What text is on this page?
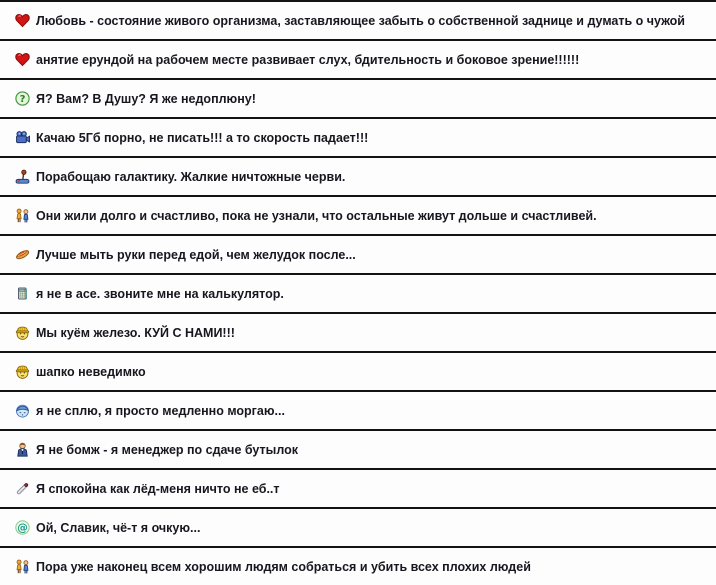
Любовь - состояние живого организма, заставляющее забыть о собственной заднице и думать о чужой
анятие ерундой на рабочем месте развивает слух, бдительность и боковое зрение!!!!!!
Я? Вам? В Душу? Я же недоплюну!
Качаю 5Гб порно, не писать!!! а то скорость падает!!!
Порабощаю галактику. Жалкие ничтожные черви.
Они жили долго и счастливо, пока не узнали, что остальные живут дольше и счастливей.
Лучше мыть руки перед едой, чем желудок после...
я не в асе. звоните мне на калькулятор.
Мы куём железо. КУЙ С НАМИ!!!
шапко неведимко
я не сплю, я просто медленно моргаю...
Я не бомж - я менеджер по сдаче бутылок
Я спокойна как лёд-меня ничто не еб..т
Ой, Славик, чё-т я очкую...
Пора уже наконец всем хорошим людям собраться и убить всех плохих людей
